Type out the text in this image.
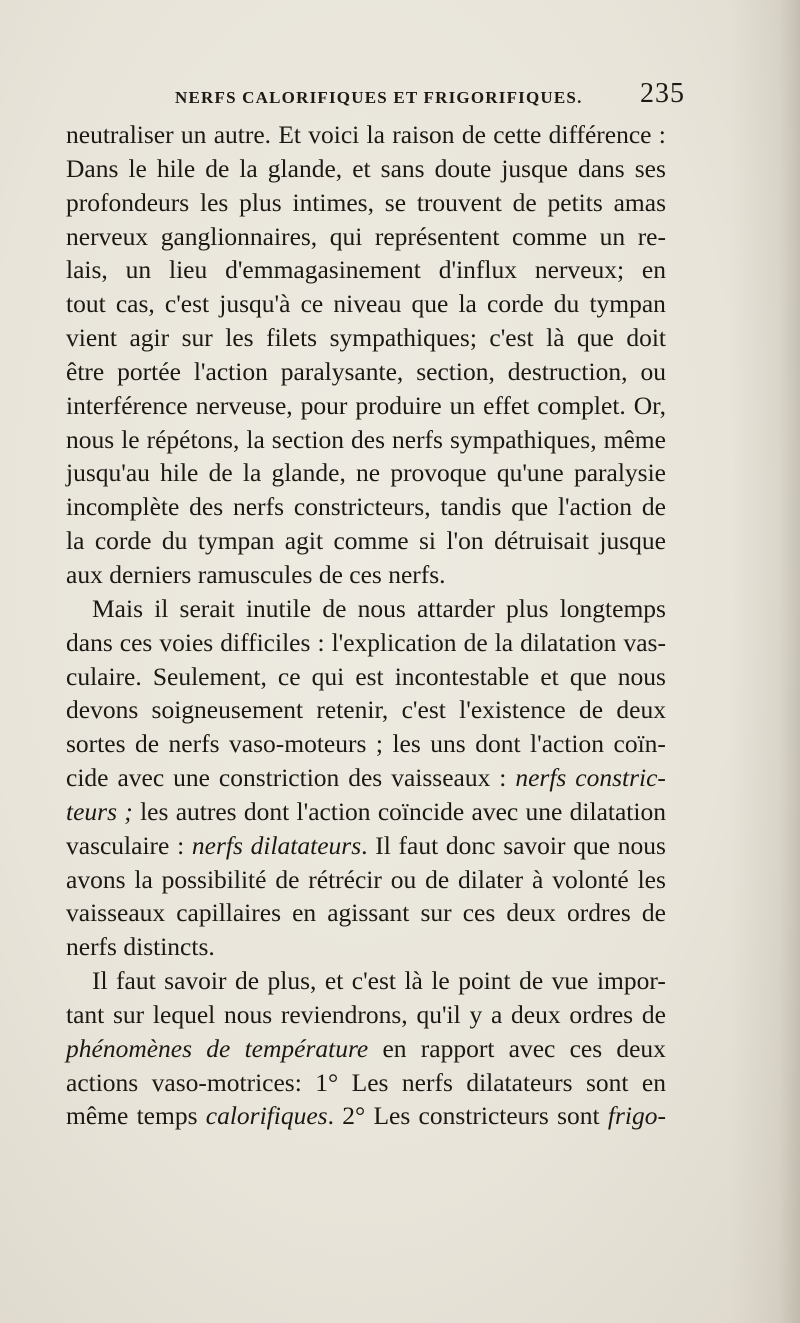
NERFS CALORIFIQUES ET FRIGORIFIQUES. 235
neutraliser un autre. Et voici la raison de cette différence :
Dans le hile de la glande, et sans doute jusque dans ses
profondeurs les plus intimes, se trouvent de petits amas
nerveux ganglionnaires, qui représentent comme un re-
lais, un lieu d'emmagasinement d'influx nerveux; en
tout cas, c'est jusqu'à ce niveau que la corde du tympan
vient agir sur les filets sympathiques; c'est là que doit
être portée l'action paralysante, section, destruction, ou
interférence nerveuse, pour produire un effet complet. Or,
nous le répétons, la section des nerfs sympathiques, même
jusqu'au hile de la glande, ne provoque qu'une paralysie
incomplète des nerfs constricteurs, tandis que l'action de
la corde du tympan agit comme si l'on détruisait jusque
aux
derniers
ramuscules
de
ces
nerfs.
Mais il serait inutile de nous attarder plus longtemps
dans ces voies difficiles : l'explication de la dilatation vas-
culaire. Seulement, ce qui est incontestable et que nous
devons soigneusement retenir, c'est l'existence de deux
sortes de nerfs vaso-moteurs ; les uns dont l'action coïn-
cide avec une constriction des vaisseaux : nerfs constric-
teurs ; les autres dont l'action coïncide avec une dilatation
vasculaire : nerfs dilatateurs. Il faut donc savoir que nous
avons la possibilité de rétrécir ou de dilater à volonté les
vaisseaux capillaires en agissant sur ces deux ordres de
nerfs
distincts.
Il faut savoir de plus, et c'est là le point de vue impor-
tant sur lequel nous reviendrons, qu'il y a deux ordres de
phénomènes de température en rapport avec ces deux
actions vaso-motrices: 1° Les nerfs dilatateurs sont en
même temps calorifiques. 2° Les constricteurs sont frigo-
